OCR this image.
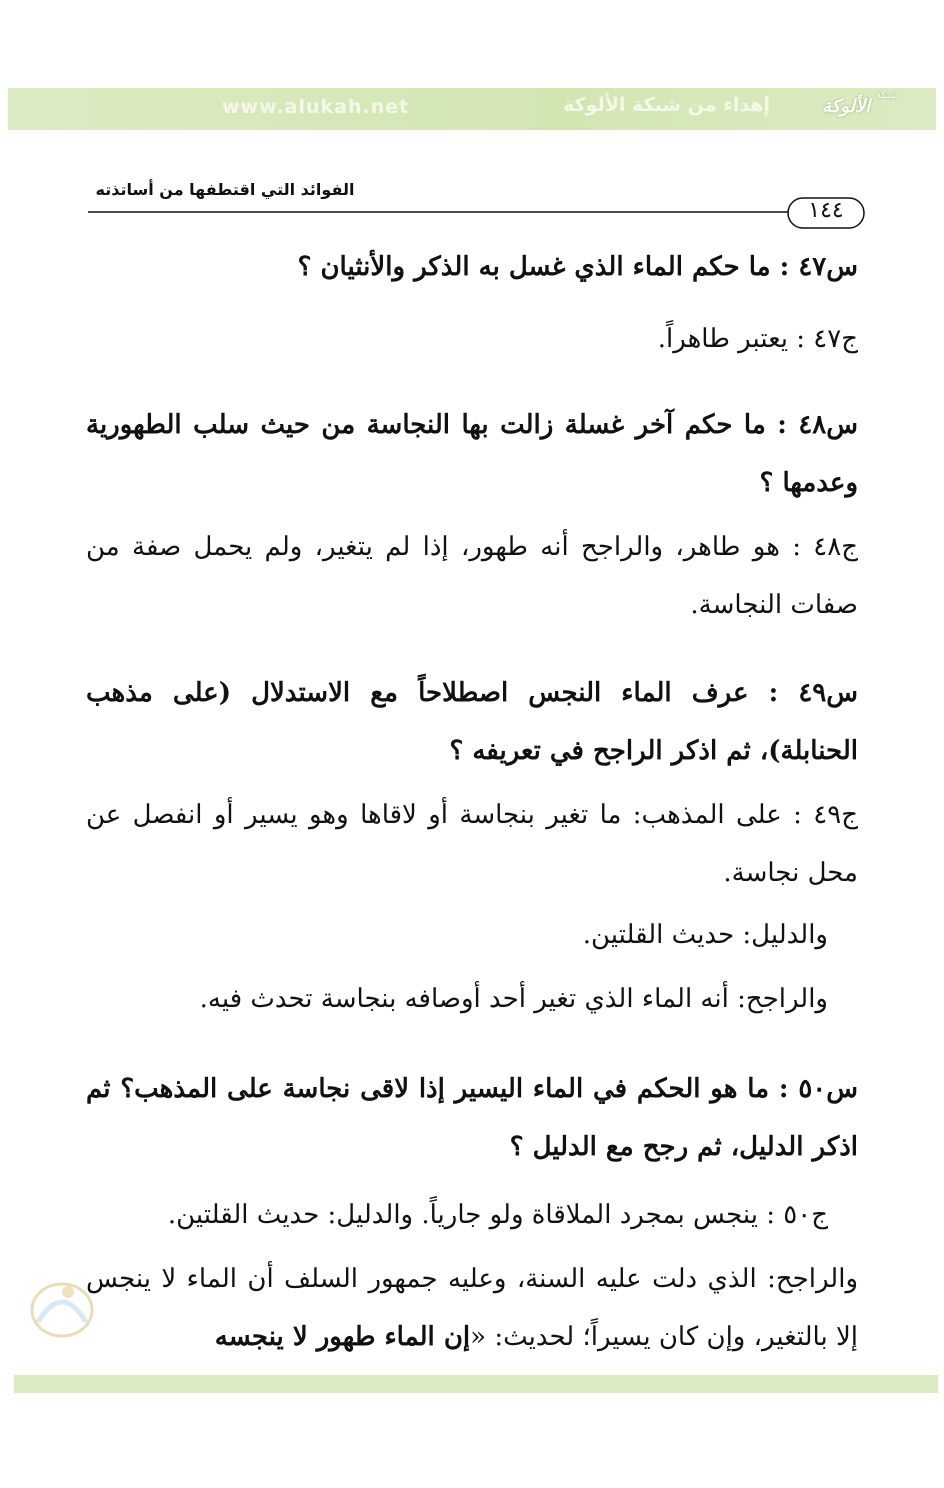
www.alukah.net	إهداء من شبكة الألوكة	الألوكة
شبكة
الفوائد التي اقتطفها من أساتذته
١٤٤

س٤٧ : ما حكم الماء الذي غسل به الذكر والأنثيان ؟

ج٤٧ : يعتبر طاهراً.

س٤٨ : ما حكم آخر غسلة زالت بها النجاسة من حيث سلب الطهورية وعدمها ؟

ج٤٨ : هو طاهر، والراجح أنه طهور، إذا لم يتغير، ولم يحمل صفة من صفات النجاسة.

س٤٩ : عرف الماء النجس اصطلاحاً مع الاستدلال (على مذهب الحنابلة)، ثم اذكر الراجح في تعريفه ؟

ج٤٩ : على المذهب: ما تغير بنجاسة أو لاقاها وهو يسير أو انفصل عن محل نجاسة.

والدليل: حديث القلتين.

والراجح: أنه الماء الذي تغير أحد أوصافه بنجاسة تحدث فيه.

س٥٠ : ما هو الحكم في الماء اليسير إذا لاقى نجاسة على المذهب؟ ثم اذكر الدليل، ثم رجح مع الدليل ؟

ج٥٠ : ينجس بمجرد الملاقاة ولو جارياً. والدليل: حديث القلتين.

والراجح: الذي دلت عليه السنة، وعليه جمهور السلف أن الماء لا ينجس إلا بالتغير، وإن كان يسيراً؛ لحديث: «إن الماء طهور لا ينجسه
